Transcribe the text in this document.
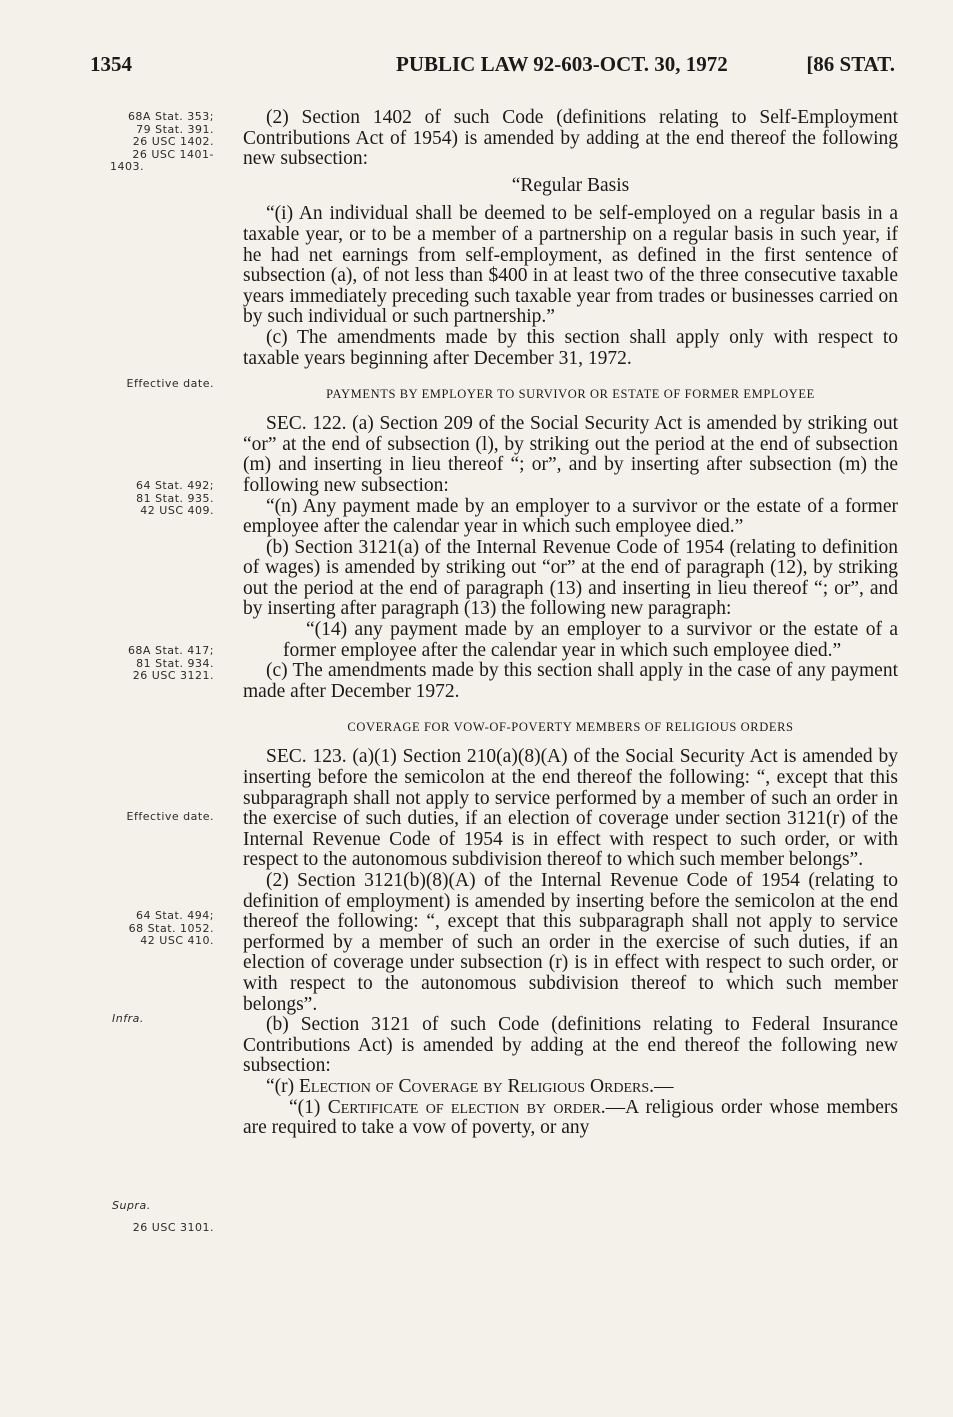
1354	PUBLIC LAW 92-603-OCT. 30, 1972	[86 STAT.
68A Stat. 353;
79 Stat. 391.
26 USC 1402.
26 USC 1401-
1403.
Effective date.
64 Stat. 492;
81 Stat. 935.
42 USC 409.
68A Stat. 417;
81 Stat. 934.
26 USC 3121.
Effective date.
64 Stat. 494;
68 Stat. 1052.
42 USC 410.
Infra.
Supra.
26 USC 3101.

(2) Section 1402 of such Code (definitions relating to Self-Employment Contributions Act of 1954) is amended by adding at the end thereof the following new subsection:

“Regular Basis

“(i) An individual shall be deemed to be self-employed on a regular basis in a taxable year, or to be a member of a partnership on a regular basis in such year, if he had net earnings from self-employment, as defined in the first sentence of subsection (a), of not less than $400 in at least two of the three consecutive taxable years immediately preceding such taxable year from trades or businesses carried on by such individual or such partnership.”

(c) The amendments made by this section shall apply only with respect to taxable years beginning after December 31, 1972.

PAYMENTS BY EMPLOYER TO SURVIVOR OR ESTATE OF FORMER EMPLOYEE

SEC. 122. (a) Section 209 of the Social Security Act is amended by striking out “or” at the end of subsection (l), by striking out the period at the end of subsection (m) and inserting in lieu thereof “; or”, and by inserting after subsection (m) the following new subsection:

“(n) Any payment made by an employer to a survivor or the estate of a former employee after the calendar year in which such employee died.”

(b) Section 3121(a) of the Internal Revenue Code of 1954 (relating to definition of wages) is amended by striking out “or” at the end of paragraph (12), by striking out the period at the end of paragraph (13) and inserting in lieu thereof “; or”, and by inserting after paragraph (13) the following new paragraph:

“(14) any payment made by an employer to a survivor or the estate of a former employee after the calendar year in which such employee died.”

(c) The amendments made by this section shall apply in the case of any payment made after December 1972.

COVERAGE FOR VOW-OF-POVERTY MEMBERS OF RELIGIOUS ORDERS

SEC. 123. (a)(1) Section 210(a)(8)(A) of the Social Security Act is amended by inserting before the semicolon at the end thereof the following: “, except that this subparagraph shall not apply to service performed by a member of such an order in the exercise of such duties, if an election of coverage under section 3121(r) of the Internal Revenue Code of 1954 is in effect with respect to such order, or with respect to the autonomous subdivision thereof to which such member belongs”.

(2) Section 3121(b)(8)(A) of the Internal Revenue Code of 1954 (relating to definition of employment) is amended by inserting before the semicolon at the end thereof the following: “, except that this subparagraph shall not apply to service performed by a member of such an order in the exercise of such duties, if an election of coverage under subsection (r) is in effect with respect to such order, or with respect to the autonomous subdivision thereof to which such member belongs”.

(b) Section 3121 of such Code (definitions relating to Federal Insurance Contributions Act) is amended by adding at the end thereof the following new subsection:

“(r) Election of Coverage by Religious Orders.—

“(1) Certificate of election by order.—A religious order whose members are required to take a vow of poverty, or any
